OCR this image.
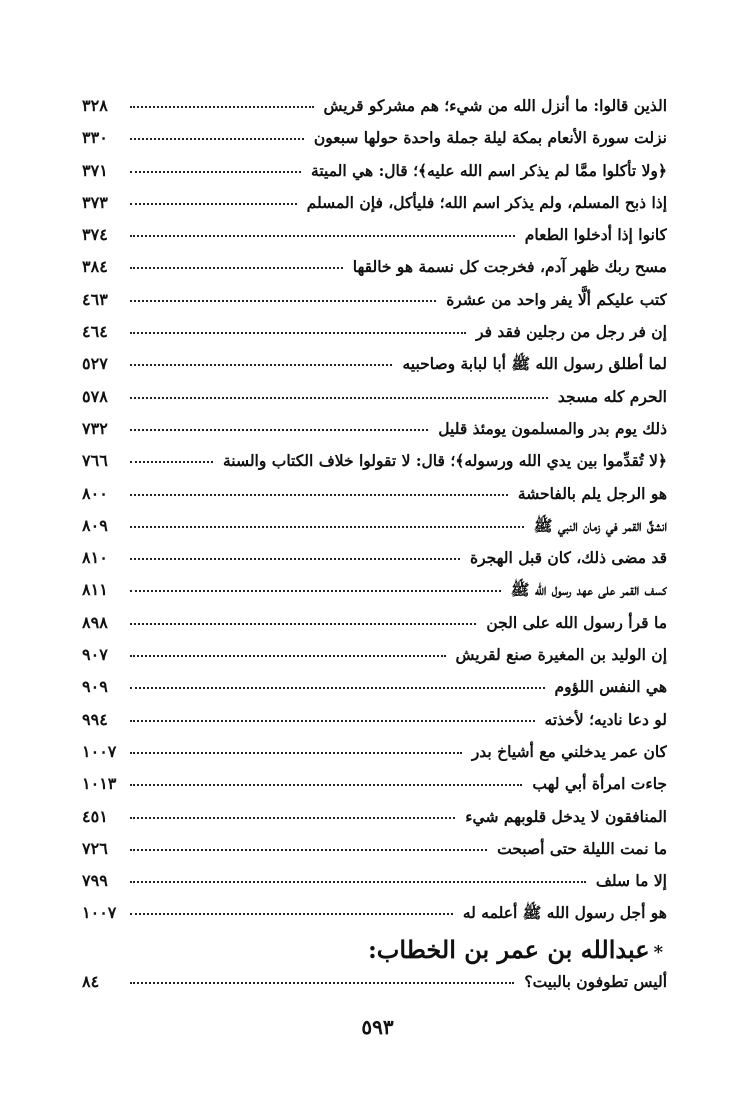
الذين قالوا: ما أنزل الله من شيء؛ هم مشركو قريش
٣٢٨
نزلت سورة الأنعام بمكة ليلة جملة واحدة حولها سبعون
٣٣٠
﴿ولا تأكلوا ممَّا لم يذكر اسم الله عليه﴾؛ قال: هي الميتة
٣٧١
إذا ذبح المسلم، ولم يذكر اسم الله؛ فليأكل، فإن المسلم
٣٧٣
كانوا إذا أدخلوا الطعام
٣٧٤
مسح ربك ظهر آدم، فخرجت كل نسمة هو خالقها
٣٨٤
كتب عليكم ألَّا يفر واحد من عشرة
٤٦٣
إن فر رجل من رجلين فقد فر
٤٦٤
لما أطلق رسول الله ﷺ أبا لبابة وصاحبيه
٥٢٧
الحرم كله مسجد
٥٧٨
ذلك يوم بدر والمسلمون يومئذ قليل
٧٣٢
﴿لا تُقدِّموا بين يدي الله ورسوله﴾؛ قال: لا تقولوا خلاف الكتاب والسنة
٧٦٦
هو الرجل يلم بالفاحشة
٨٠٠
انشقَّ القمر في زمان النبي ﷺ
٨٠٩
قد مضى ذلك، كان قبل الهجرة
٨١٠
كسف القمر على عهد رسول الله ﷺ
٨١١
ما قرأ رسول الله على الجن
٨٩٨
إن الوليد بن المغيرة صنع لقريش
٩٠٧
هي النفس اللؤوم
٩٠٩
لو دعا ناديه؛ لأخذته
٩٩٤
كان عمر يدخلني مع أشياخ بدر
١٠٠٧
جاءت امرأة أبي لهب
١٠١٣
المنافقون لا يدخل قلوبهم شيء
٤٥١
ما نمت الليلة حتى أصبحت
٧٢٦
إلا ما سلف
٧٩٩
هو أجل رسول الله ﷺ أعلمه له
١٠٠٧
*عبدالله بن عمر بن الخطاب:
أليس تطوفون بالبيت؟
٨٤
٥٩٣
